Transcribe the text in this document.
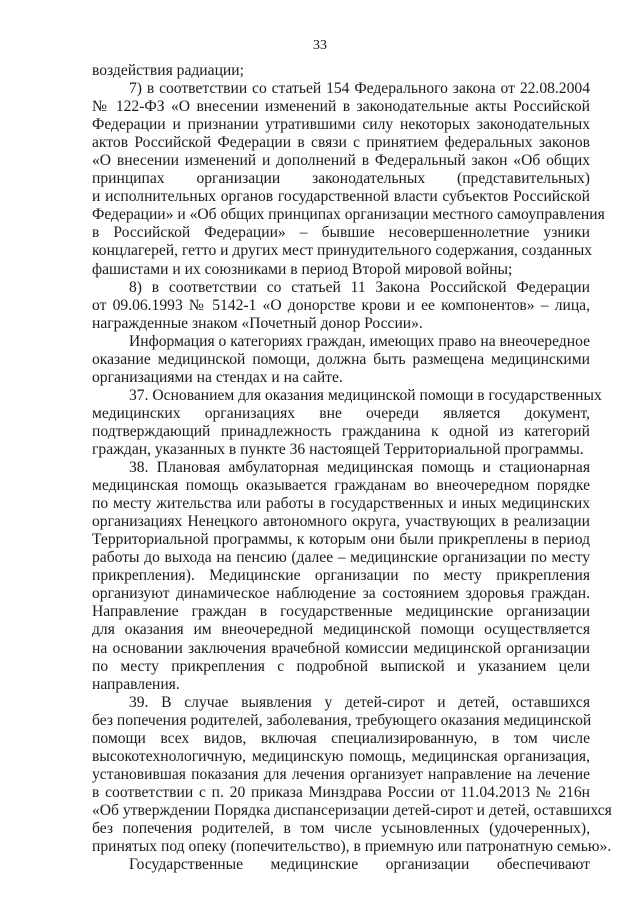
33
воздействия радиации;
7) в соответствии со статьей 154 Федерального закона от 22.08.2004
№ 122-ФЗ «О внесении изменений в законодательные акты Российской
Федерации и признании утратившими силу некоторых законодательных
актов Российской Федерации в связи с принятием федеральных законов
«О внесении изменений и дополнений в Федеральный закон «Об общих
принципах организации законодательных (представительных)
и исполнительных органов государственной власти субъектов Российской
Федерации» и «Об общих принципах организации местного самоуправления
в Российской Федерации» – бывшие несовершеннолетние узники
концлагерей, гетто и других мест принудительного содержания, созданных
фашистами и их союзниками в период Второй мировой войны;
8) в соответствии со статьей 11 Закона Российской Федерации
от 09.06.1993 № 5142-1 «О донорстве крови и ее компонентов» – лица,
награжденные знаком «Почетный донор России».
Информация о категориях граждан, имеющих право на внеочередное
оказание медицинской помощи, должна быть размещена медицинскими
организациями на стендах и на сайте.
37. Основанием для оказания медицинской помощи в государственных
медицинских организациях вне очереди является документ,
подтверждающий принадлежность гражданина к одной из категорий
граждан, указанных в пункте 36 настоящей Территориальной программы.
38. Плановая амбулаторная медицинская помощь и стационарная
медицинская помощь оказывается гражданам во внеочередном порядке
по месту жительства или работы в государственных и иных медицинских
организациях Ненецкого автономного округа, участвующих в реализации
Территориальной программы, к которым они были прикреплены в период
работы до выхода на пенсию (далее – медицинские организации по месту
прикрепления). Медицинские организации по месту прикрепления
организуют динамическое наблюдение за состоянием здоровья граждан.
Направление граждан в государственные медицинские организации
для оказания им внеочередной медицинской помощи осуществляется
на основании заключения врачебной комиссии медицинской организации
по месту прикрепления с подробной выпиской и указанием цели
направления.
39. В случае выявления у детей-сирот и детей, оставшихся
без попечения родителей, заболевания, требующего оказания медицинской
помощи всех видов, включая специализированную, в том числе
высокотехнологичную, медицинскую помощь, медицинская организация,
установившая показания для лечения организует направление на лечение
в соответствии с п. 20 приказа Минздрава России от 11.04.2013 № 216н
«Об утверждении Порядка диспансеризации детей-сирот и детей, оставшихся
без попечения родителей, в том числе усыновленных (удочеренных),
принятых под опеку (попечительство), в приемную или патронатную семью».
Государственные медицинские организации обеспечивают
